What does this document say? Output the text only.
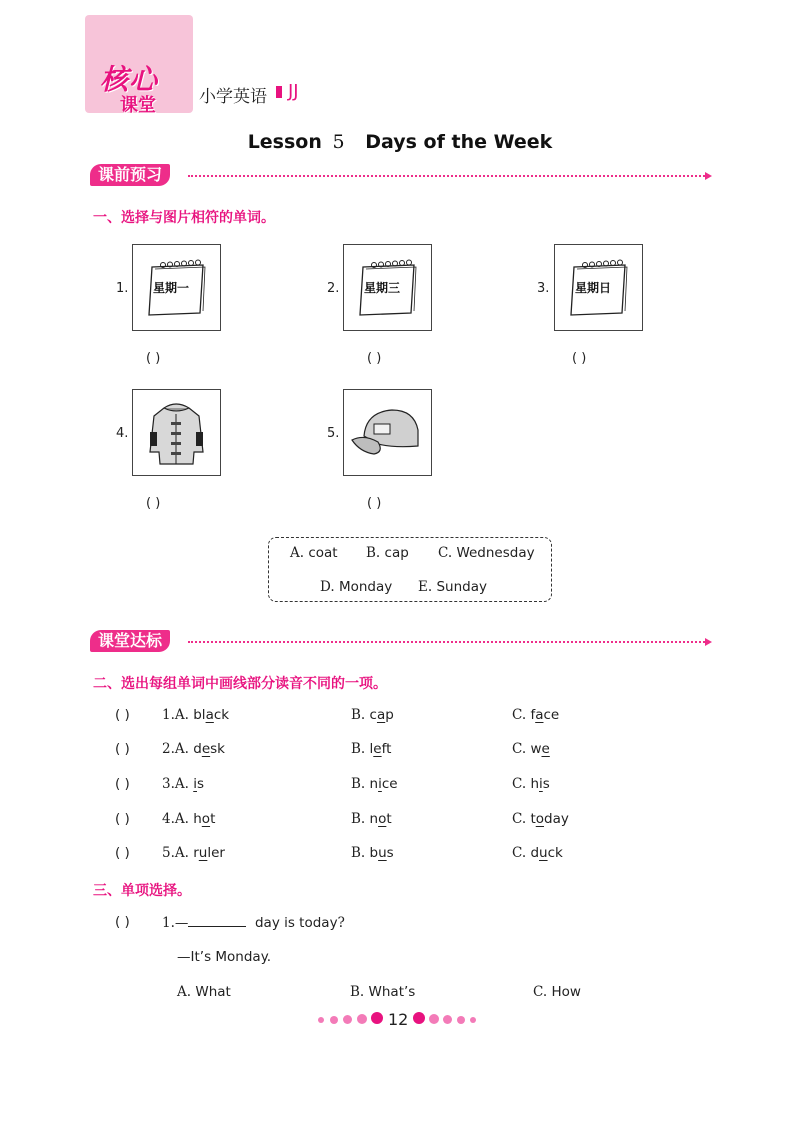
核心
课堂	小学英语 JJ
Lesson 5 Days of the Week
课前预习
一、选择与图片相符的单词。
1. 星期一
( )
2. 星期三
( )
3. 星期日
( )
4.
( )
5.
( )
A. coat B. cap C. Wednesday
D. Monday E. Sunday
课堂达标
二、选出每组单词中画线部分读音不同的一项。
( ) 1.A. black	B. cap	C. face
( ) 2.A. desk	B. left	C. we
( ) 3.A. is	B. nice	C. his
( ) 4.A. hot	B. not	C. today
( ) 5.A. ruler	B. bus	C. duck
三、单项选择。
( ) 1.—	day is today?
—It’s Monday.
A. What	B. What’s	C. How
12
